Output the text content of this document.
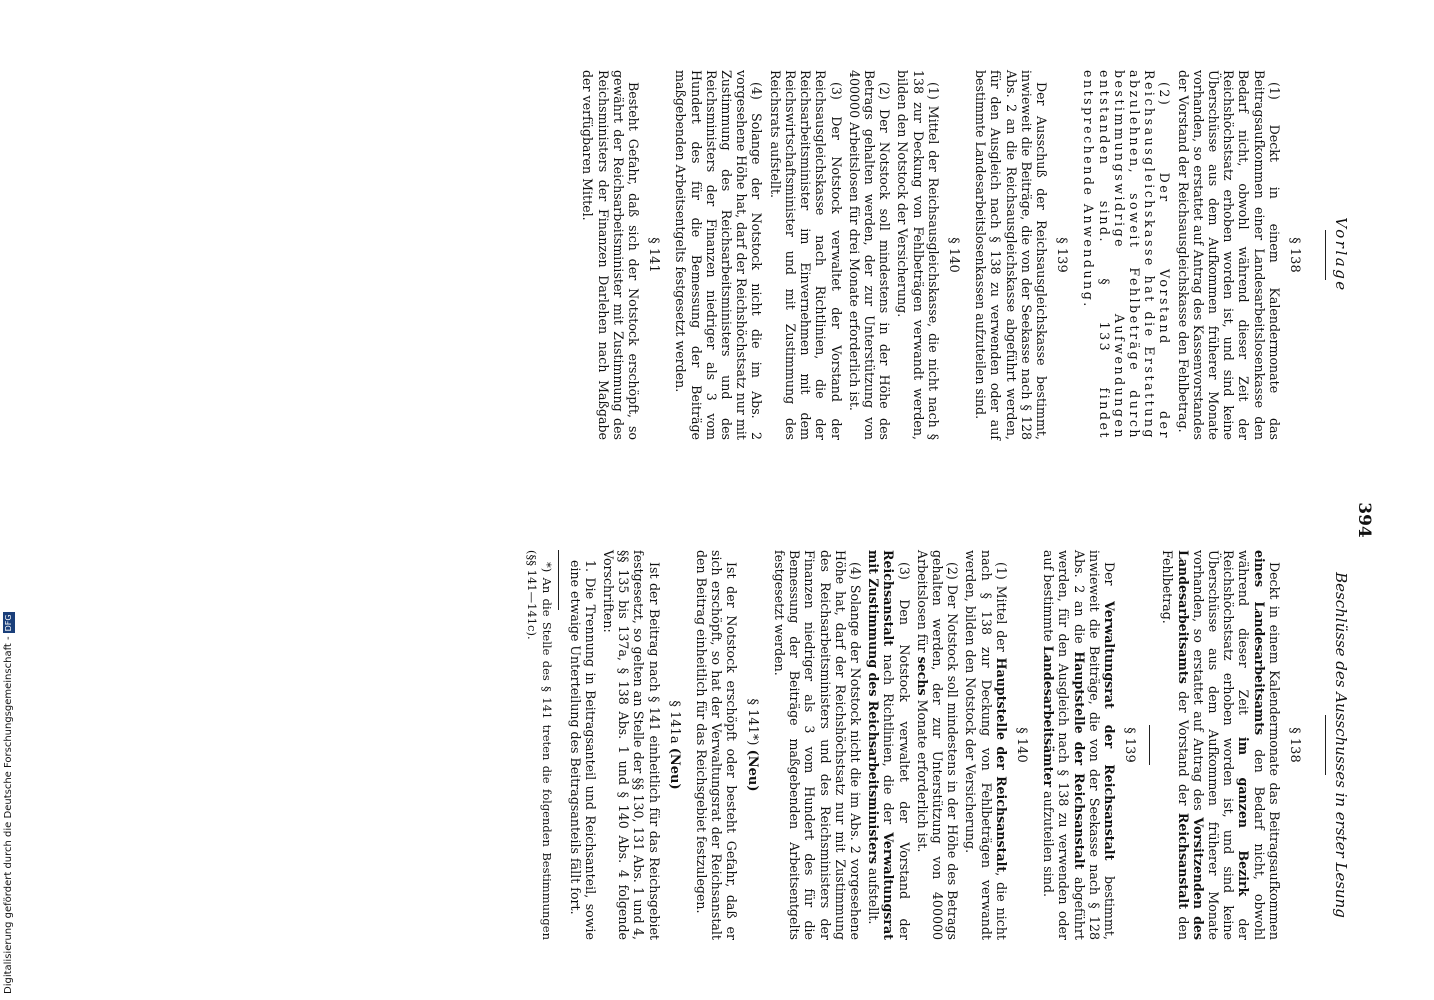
394
Vorlage
§ 138

(1) Deckt in einem Kalendermonate das Beitragsaufkommen einer Landesarbeitslosenkasse den Bedarf nicht, obwohl während dieser Zeit der Reichshöchstsatz erhoben worden ist, und sind keine Überschüsse aus dem Aufkommen früherer Monate vorhanden, so erstattet auf Antrag des Kassenvorstandes der Vorstand der Reichsausgleichskasse den Fehlbetrag.

(2) Der Vorstand der Reichsausgleichskasse hat die Erstattung abzulehnen, soweit Fehlbeträge durch bestimmungswidrige Aufwendungen entstanden sind. § 133 findet entsprechende Anwendung.

§ 139

Der Ausschuß der Reichsausgleichskasse bestimmt, inwieweit die Beiträge, die von der Seekasse nach § 128 Abs. 2 an die Reichsausgleichskasse abgeführt werden, für den Ausgleich nach § 138 zu verwenden oder auf bestimmte Landesarbeitslosenkassen aufzuteilen sind.

§ 140

(1) Mittel der Reichsausgleichskasse, die nicht nach § 138 zur Deckung von Fehlbeträgen verwandt werden, bilden den Notstock der Versicherung.

(2) Der Notstock soll mindestens in der Höhe des Betrags gehalten werden, der zur Unterstützung von 400000 Arbeitslosen für drei Monate erforderlich ist.

(3) Der Notstock verwaltet der Vorstand der Reichsausgleichskasse nach Richtlinien, die der Reichsarbeitsminister im Einvernehmen mit dem Reichswirtschaftsminister und mit Zustimmung des Reichsrats aufstellt.

(4) Solange der Notstock nicht die im Abs. 2 vorgesehene Höhe hat, darf der Reichshöchstsatz nur mit Zustimmung des Reichsarbeitsministers und des Reichsministers der Finanzen niedriger als 3 vom Hundert des für die Bemessung der Beiträge maßgebenden Arbeitsentgelts festgesetzt werden.

§ 141

Besteht Gefahr, daß sich der Notstock erschöpft, so gewährt der Reichsarbeitsminister mit Zustimmung des Reichsministers der Finanzen Darlehen nach Maßgabe der verfügbaren Mittel.

Beschlüsse des Ausschusses in erster Lesung
§ 138

Deckt in einem Kalendermonate das Beitragsaufkommen eines Landesarbeitsamts den Bedarf nicht, obwohl während dieser Zeit im ganzen Bezirk der Reichshöchstsatz erhoben worden ist, und sind keine Überschüsse aus dem Aufkommen früherer Monate vorhanden, so erstattet auf Antrag des Vorsitzenden des Landesarbeitsamts der Vorstand der Reichsanstalt den Fehlbetrag.

§ 139

Der Verwaltungsrat der Reichsanstalt bestimmt, inwieweit die Beiträge, die von der Seekasse nach § 128 Abs. 2 an die Hauptstelle der Reichsanstalt abgeführt werden, für den Ausgleich nach § 138 zu verwenden oder auf bestimmte Landesarbeitsämter aufzuteilen sind.

§ 140

(1) Mittel der Hauptstelle der Reichsanstalt, die nicht nach § 138 zur Deckung von Fehlbeträgen verwandt werden, bilden den Notstock der Versicherung.

(2) Der Notstock soll mindestens in der Höhe des Betrags gehalten werden, der zur Unterstützung von 400000 Arbeitslosen für sechs Monate erforderlich ist.

(3) Den Notstock verwaltet der Vorstand der Reichsanstalt nach Richtlinien, die der Verwaltungsrat mit Zustimmung des Reichsarbeitsministers aufstellt.

(4) Solange der Notstock nicht die im Abs. 2 vorgesehene Höhe hat, darf der Reichshöchstsatz nur mit Zustimmung des Reichsarbeitsministers und des Reichsministers der Finanzen niedriger als 3 vom Hundert des für die Bemessung der Beiträge maßgebenden Arbeitsentgelts festgesetzt werden.

§ 141*) (Neu)

Ist der Notstock erschöpft oder besteht Gefahr, daß er sich erschöpft, so hat der Verwaltungsrat der Reichsanstalt den Beitrag einheitlich für das Reichsgebiet festzulegen.

§ 141a (Neu)

Ist der Beitrag nach § 141 einheitlich für das Reichsgebiet festgesetzt, so gelten an Stelle der §§ 130, 131 Abs. 1 und 4, §§ 135 bis 137a, § 138 Abs. 1 und § 140 Abs. 4 folgende Vorschriften:

1. Die Trennung in Beitragsanteil und Reichsanteil, sowie eine etwaige Unterteilung des Beitragsanteils fällt fort.

*) An die Stelle des § 141 treten die folgenden Bestimmungen (§§ 141—141c).

Digitalisierung gefördert durch die Deutsche Forschungsgemeinschaft -DFG
